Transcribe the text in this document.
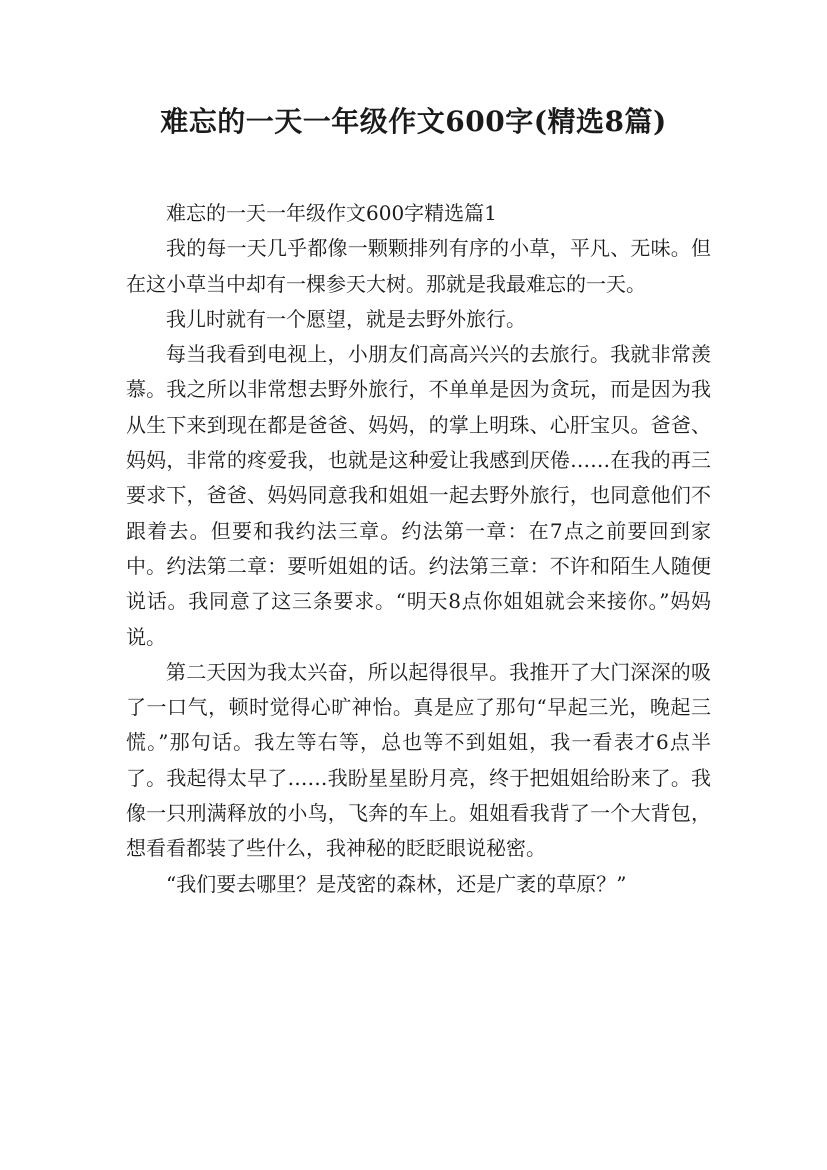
难忘的一天一年级作文600字(精选8篇)

难忘的一天一年级作文600字精选篇1

我的每一天几乎都像一颗颗排列有序的小草，平凡、无味。但在这小草当中却有一棵参天大树。那就是我最难忘的一天。

我儿时就有一个愿望，就是去野外旅行。

每当我看到电视上，小朋友们高高兴兴的去旅行。我就非常羡慕。我之所以非常想去野外旅行，不单单是因为贪玩，而是因为我从生下来到现在都是爸爸、妈妈，的掌上明珠、心肝宝贝。爸爸、妈妈，非常的疼爱我，也就是这种爱让我感到厌倦……在我的再三要求下，爸爸、妈妈同意我和姐姐一起去野外旅行，也同意他们不跟着去。但要和我约法三章。约法第一章：在7点之前要回到家中。约法第二章：要听姐姐的话。约法第三章：不许和陌生人随便说话。我同意了这三条要求。“明天8点你姐姐就会来接你。”妈妈说。

第二天因为我太兴奋，所以起得很早。我推开了大门深深的吸了一口气，顿时觉得心旷神怡。真是应了那句“早起三光，晚起三慌。”那句话。我左等右等，总也等不到姐姐，我一看表才6点半了。我起得太早了……我盼星星盼月亮，终于把姐姐给盼来了。我像一只刑满释放的小鸟，飞奔的车上。姐姐看我背了一个大背包，想看看都装了些什么，我神秘的眨眨眼说秘密。

“我们要去哪里？是茂密的森林，还是广袤的草原？”
